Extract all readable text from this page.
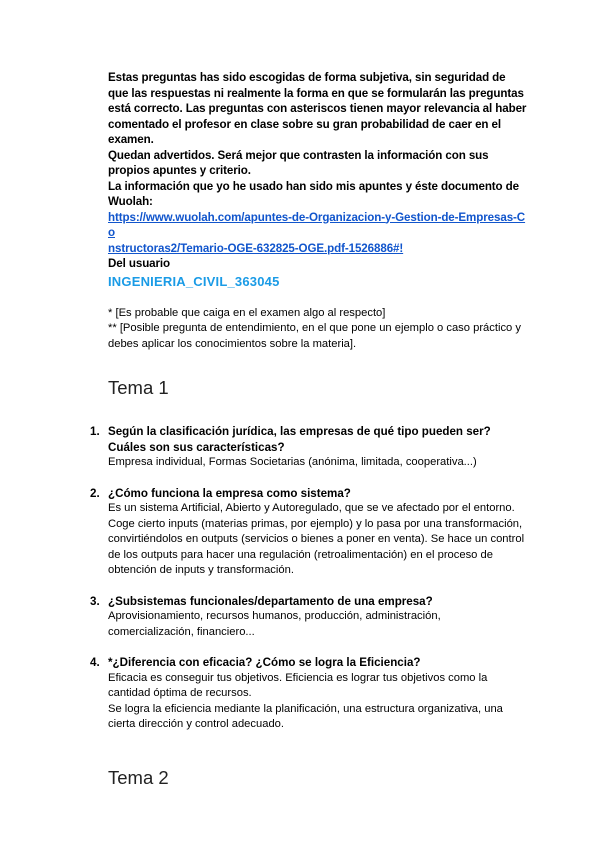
Estas preguntas has sido escogidas de forma subjetiva, sin seguridad de que las respuestas ni realmente la forma en que se formularán las preguntas está correcto. Las preguntas con asteriscos tienen mayor relevancia al haber comentado el profesor en clase sobre su gran probabilidad de caer en el examen.

Quedan advertidos. Será mejor que contrasten la información con sus propios apuntes y criterio.

La información que yo he usado han sido mis apuntes y éste documento de Wuolah:

https://www.wuolah.com/apuntes-de-Organizacion-y-Gestion-de-Empresas-Co
nstructoras2/Temario-OGE-632825-OGE.pdf-1526886#!

Del usuario

INGENIERIA_CIVIL_363045

* [Es probable que caiga en el examen algo al respecto]

** [Posible pregunta de entendimiento, en el que pone un ejemplo o caso práctico y debes aplicar los conocimientos sobre la materia].

Tema 1
1. Según la clasificación jurídica, las empresas de qué tipo pueden ser? Cuáles son sus características?
Empresa individual, Formas Societarias (anónima, limitada, cooperativa...)
2. ¿Cómo funciona la empresa como sistema?
Es un sistema Artificial, Abierto y Autoregulado, que se ve afectado por el entorno. Coge cierto inputs (materias primas, por ejemplo) y lo pasa por una transformación, convirtiéndolos en outputs (servicios o bienes a poner en venta). Se hace un control de los outputs para hacer una regulación (retroalimentación) en el proceso de obtención de inputs y transformación.
3. ¿Subsistemas funcionales/departamento de una empresa?
Aprovisionamiento, recursos humanos, producción, administración, comercialización, financiero...
4. *¿Diferencia con eficacia? ¿Cómo se logra la Eficiencia?
Eficacia es conseguir tus objetivos. Eficiencia es lograr tus objetivos como la cantidad óptima de recursos.
Se logra la eficiencia mediante la planificación, una estructura organizativa, una cierta dirección y control adecuado.
Tema 2
